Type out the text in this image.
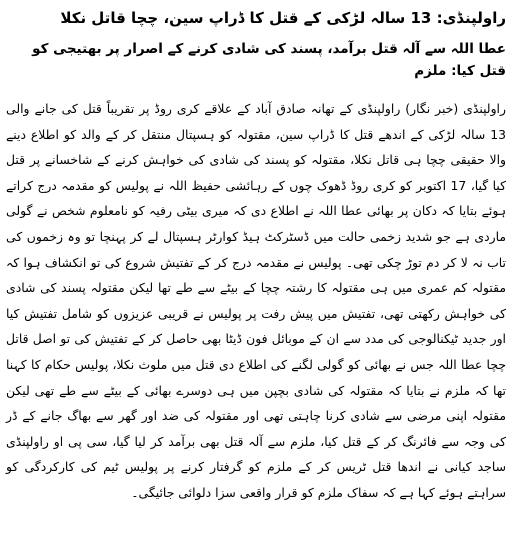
راولپنڈی: 13 سالہ لڑکی کے قتل کا ڈراپ سین، چچا قاتل نکلا
عطا اللہ سے آلہ قتل برآمد، پسند کی شادی کرنے کے اصرار پر بھتیجی کو قتل کیا: ملزم

راولپنڈی (خبر نگار) راولپنڈی کے تھانہ صادق آباد کے علاقے کری روڈ پر تقریباً قتل کی جانے والی 13 سالہ لڑکی کے اندھے قتل کا ڈراپ سین، مقتولہ کو ہسپتال منتقل کر کے والد کو اطلاع دینے والا حقیقی چچا ہی قاتل نکلا، مقتولہ کو پسند کی شادی کی خواہش کرنے کے شاخسانے پر قتل کیا گیا، 17 اکتوبر کو کری روڈ ڈھوک چوں کے رہائشی حفیظ اللہ نے پولیس کو مقدمہ درج کراتے ہوئے بتایا کہ دکان پر بھائی عطا اللہ نے اطلاع دی کہ میری بیٹی رفیہ کو نامعلوم شخص نے گولی ماردی ہے جو شدید زخمی حالت میں ڈسٹرکٹ ہیڈ کوارٹر ہسپتال لے کر پہنچا تو وہ زخموں کی تاب نہ لا کر دم توڑ چکی تھی۔ پولیس نے مقدمہ درج کر کے تفتیش شروع کی تو انکشاف ہوا کہ مقتولہ کم عمری میں ہی مقتولہ کا رشتہ چچا کے بیٹے سے طے تھا لیکن مقتولہ پسند کی شادی کی خواہش رکھتی تھی، تفتیش میں پیش رفت پر پولیس نے قریبی عزیزوں کو شامل تفتیش کیا اور جدید ٹیکنالوجی کی مدد سے ان کے موبائل فون ڈیٹا بھی حاصل کر کے تفتیش کی تو اصل قاتل چچا عطا اللہ جس نے بھائی کو گولی لگنے کی اطلاع دی قتل میں ملوث نکلا، پولیس حکام کا کہنا تھا کہ ملزم نے بتایا کہ مقتولہ کی شادی بچپن میں ہی دوسرے بھائی کے بیٹے سے طے تھی لیکن مقتولہ اپنی مرضی سے شادی کرنا چاہتی تھی اور مقتولہ کی ضد اور گھر سے بھاگ جانے کے ڈر کی وجہ سے فائرنگ کر کے قتل کیا، ملزم سے آلہ قتل بھی برآمد کر لیا گیا، سی پی او راولپنڈی ساجد کیانی نے اندھا قتل ٹریس کر کے ملزم کو گرفتار کرنے پر پولیس ٹیم کی کارکردگی کو سراہتے ہوئے کہا ہے کہ سفاک ملزم کو قرار واقعی سزا دلوائی جائیگی۔
